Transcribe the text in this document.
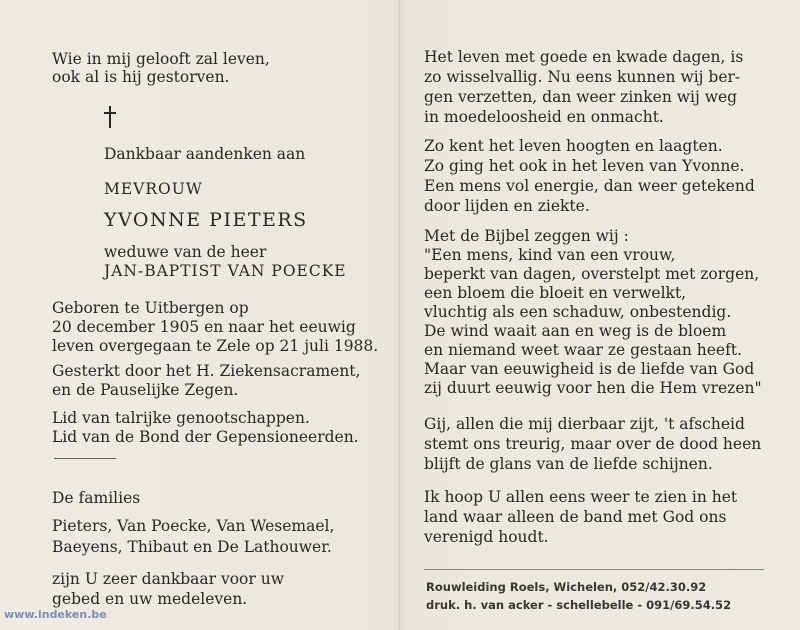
Wie in mij gelooft zal leven,
ook al is hij gestorven.
Dankbaar aandenken aan
MEVROUW
YVONNE PIETERS
weduwe van de heer
JAN-BAPTIST VAN POECKE
Geboren te Uitbergen op
20 december 1905 en naar het eeuwig
leven overgegaan te Zele op 21 juli 1988.
Gesterkt door het H. Ziekensacrament,
en de Pauselijke Zegen.
Lid van talrijke genootschappen.
Lid van de Bond der Gepensioneerden.
De families
Pieters, Van Poecke, Van Wesemael,
Baeyens, Thibaut en De Lathouwer.
zijn U zeer dankbaar voor uw
gebed en uw medeleven.
Het leven met goede en kwade dagen, is
zo wisselvallig. Nu eens kunnen wij ber-
gen verzetten, dan weer zinken wij weg
in moedeloosheid en onmacht.
Zo kent het leven hoogten en laagten.
Zo ging het ook in het leven van Yvonne.
Een mens vol energie, dan weer getekend
door lijden en ziekte.
Met de Bijbel zeggen wij :
"Een mens, kind van een vrouw,
beperkt van dagen, overstelpt met zorgen,
een bloem die bloeit en verwelkt,
vluchtig als een schaduw, onbestendig.
De wind waait aan en weg is de bloem
en niemand weet waar ze gestaan heeft.
Maar van eeuwigheid is de liefde van God
zij duurt eeuwig voor hen die Hem vrezen"
Gij, allen die mij dierbaar zijt, 't afscheid
stemt ons treurig, maar over de dood heen
blijft de glans van de liefde schijnen.
Ik hoop U allen eens weer te zien in het
land waar alleen de band met God ons
verenigd houdt.
Rouwleiding Roels, Wichelen, 052/42.30.92
druk. h. van acker - schellebelle - 091/69.54.52
www.indeken.be
